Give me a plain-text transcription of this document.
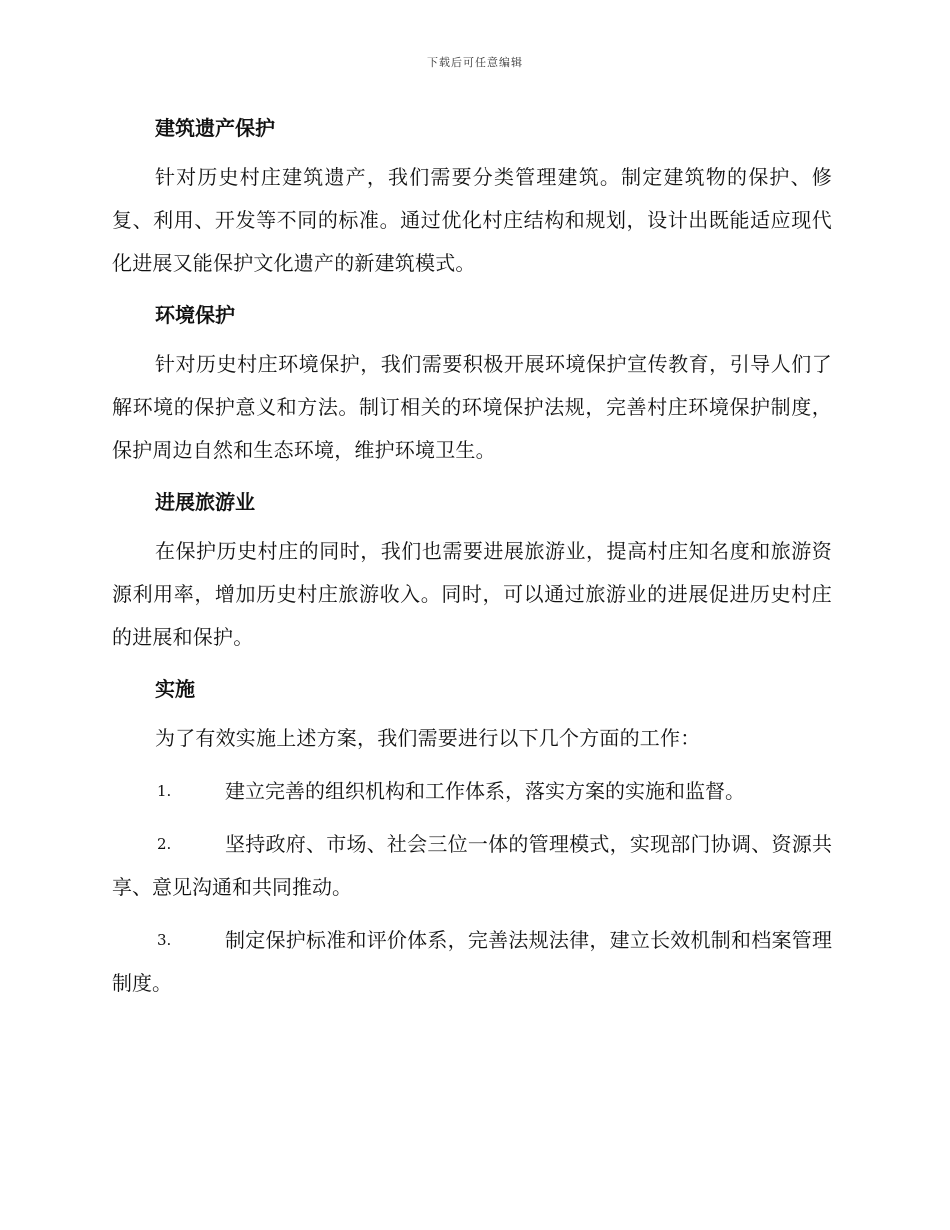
下载后可任意编辑
建筑遗产保护

针对历史村庄建筑遗产，我们需要分类管理建筑。制定建筑物的保护、修复、利用、开发等不同的标准。通过优化村庄结构和规划，设计出既能适应现代化进展又能保护文化遗产的新建筑模式。

环境保护

针对历史村庄环境保护，我们需要积极开展环境保护宣传教育，引导人们了解环境的保护意义和方法。制订相关的环境保护法规，完善村庄环境保护制度，保护周边自然和生态环境，维护环境卫生。

进展旅游业

在保护历史村庄的同时，我们也需要进展旅游业，提高村庄知名度和旅游资源利用率，增加历史村庄旅游收入。同时，可以通过旅游业的进展促进历史村庄的进展和保护。

实施

为了有效实施上述方案，我们需要进行以下几个方面的工作：

1.	建立完善的组织机构和工作体系，落实方案的实施和监督。
2.	坚持政府、市场、社会三位一体的管理模式，实现部门协调、资源共享、意见沟通和共同推动。
3.	制定保护标准和评价体系，完善法规法律，建立长效机制和档案管理制度。
